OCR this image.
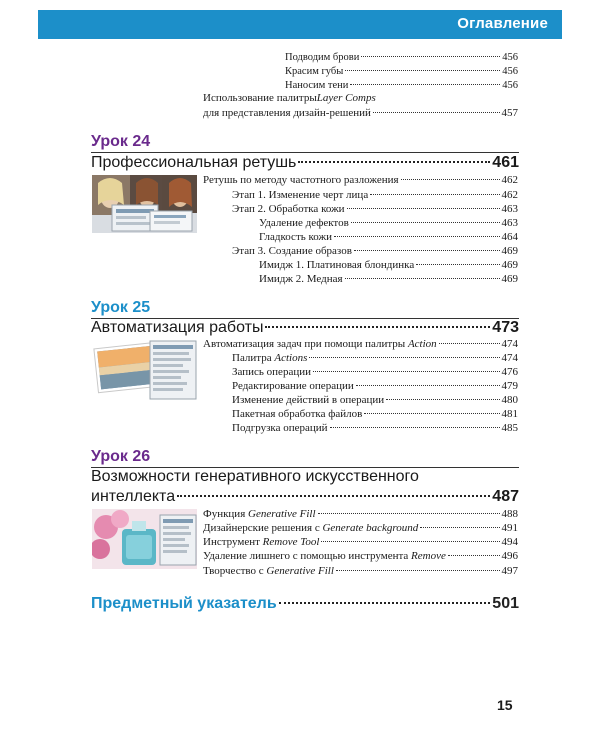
Оглавление
Подводим брови	456
Красим губы	456
Наносим тени	456
Использование палитры Layer Comps
для представления дизайн-решений	457
Урок 24
Профессиональная ретушь	461
Ретушь по методу частотного разложения	462
Этап 1. Изменение черт лица	462
Этап 2. Обработка кожи	463
Удаление дефектов	463
Гладкость кожи	464
Этап 3. Создание образов	469
Имидж 1. Платиновая блондинка	469
Имидж 2. Медная	469
Урок 25
Автоматизация работы	473
Автоматизация задач при помощи палитры Action	474
Палитра Actions	474
Запись операции	476
Редактирование операции	479
Изменение действий в операции	480
Пакетная обработка файлов	481
Подгрузка операций	485
Урок 26
Возможности генеративного искусственного
интеллекта	487
Функция Generative Fill	488
Дизайнерские решения с Generate background	491
Инструмент Remove Tool	494
Удаление лишнего с помощью инструмента Remove	496
Творчество с Generative Fill	497
Предметный указатель	501
15
